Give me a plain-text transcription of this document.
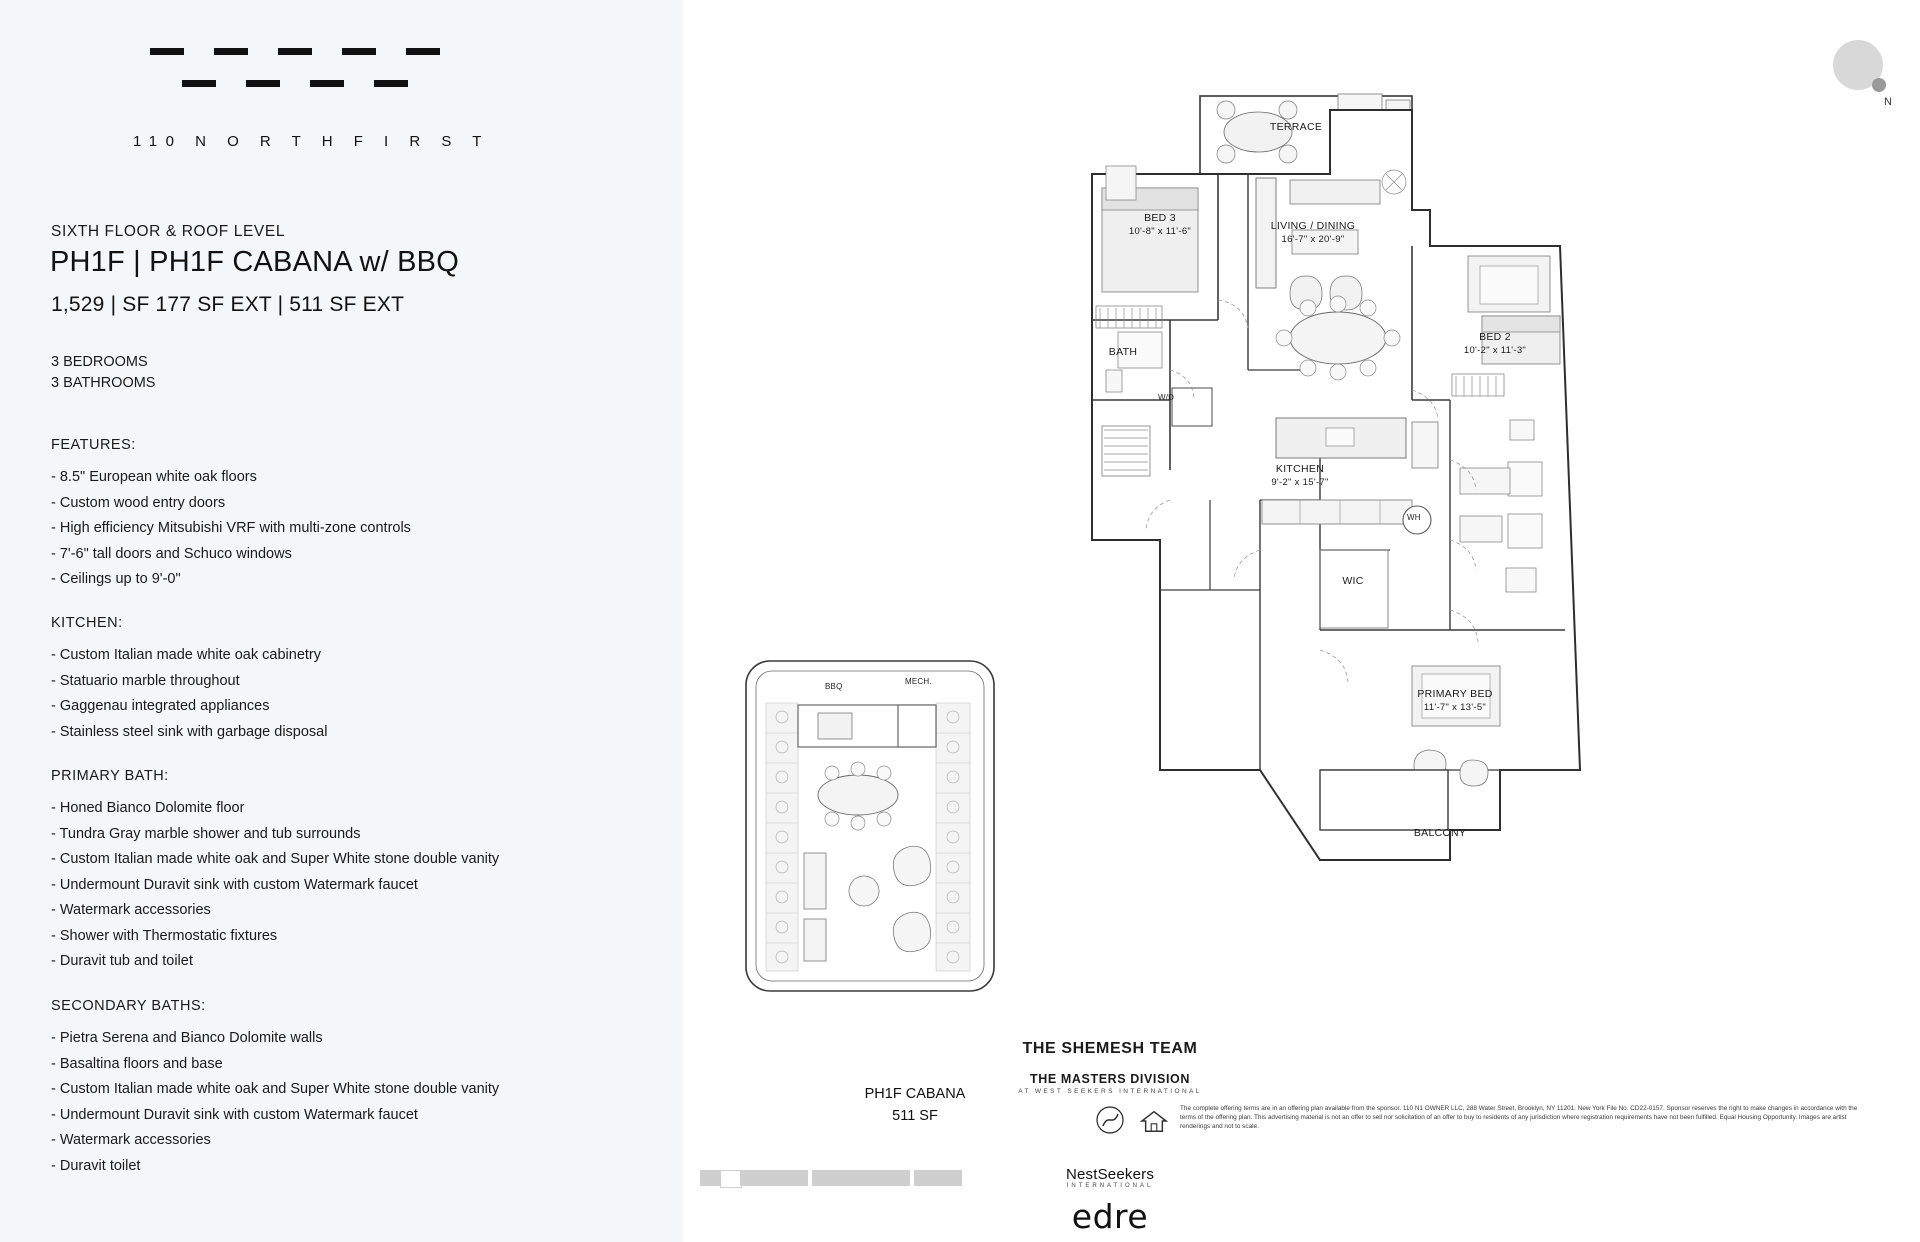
110 N O R T H F I R S T
SIXTH FLOOR & ROOF LEVEL
PH1F | PH1F CABANA w/ BBQ
1,529 | SF 177 SF EXT | 511 SF EXT
3 BEDROOMS
3 BATHROOMS
FEATURES:
- 8.5" European white oak floors
- Custom wood entry doors
- High efficiency Mitsubishi VRF with multi-zone controls
- 7'-6" tall doors and Schuco windows
- Ceilings up to 9'-0"
KITCHEN:
- Custom Italian made white oak cabinetry
- Statuario marble throughout
- Gaggenau integrated appliances
- Stainless steel sink with garbage disposal
PRIMARY BATH:
- Honed Bianco Dolomite floor
- Tundra Gray marble shower and tub surrounds
- Custom Italian made white oak and Super White stone double vanity
- Undermount Duravit sink with custom Watermark faucet
- Watermark accessories
- Shower with Thermostatic fixtures
- Duravit tub and toilet
SECONDARY BATHS:
- Pietra Serena and Bianco Dolomite walls
- Basaltina floors and base
- Custom Italian made white oak and Super White stone double vanity
- Undermount Duravit sink with custom Watermark faucet
- Watermark accessories
- Duravit toilet
N
TERRACE
BED 3
10'-8" x 11'-6"	LIVING / DINING
16'-7" x 20'-9"
BED 2
10'-2" x 11'-3"
BATH
KITCHEN
9'-2" x 15'-7"
WIC
PRIMARY BED
11'-7" x 13'-5"
BALCONY
W/D
WH
BBQ
MECH.
PH1F CABANA
511 SF
THE SHEMESH TEAM
THE MASTERS DIVISION
AT WEST SEEKERS INTERNATIONAL
NestSeekers
INTERNATIONAL
edre
The complete offering terms are in an offering plan available from the sponsor. 110 N1 OWNER LLC, 288 Water Street, Brooklyn, NY 11201. New York File No. CD22-0157. Sponsor reserves the right to make changes in accordance with the terms of the offering plan. This advertising material is not an offer to sell nor solicitation of an offer to buy to residents of any jurisdiction where registration requirements have not been fulfilled. Equal Housing Opportunity. Images are artist renderings and not to scale.
